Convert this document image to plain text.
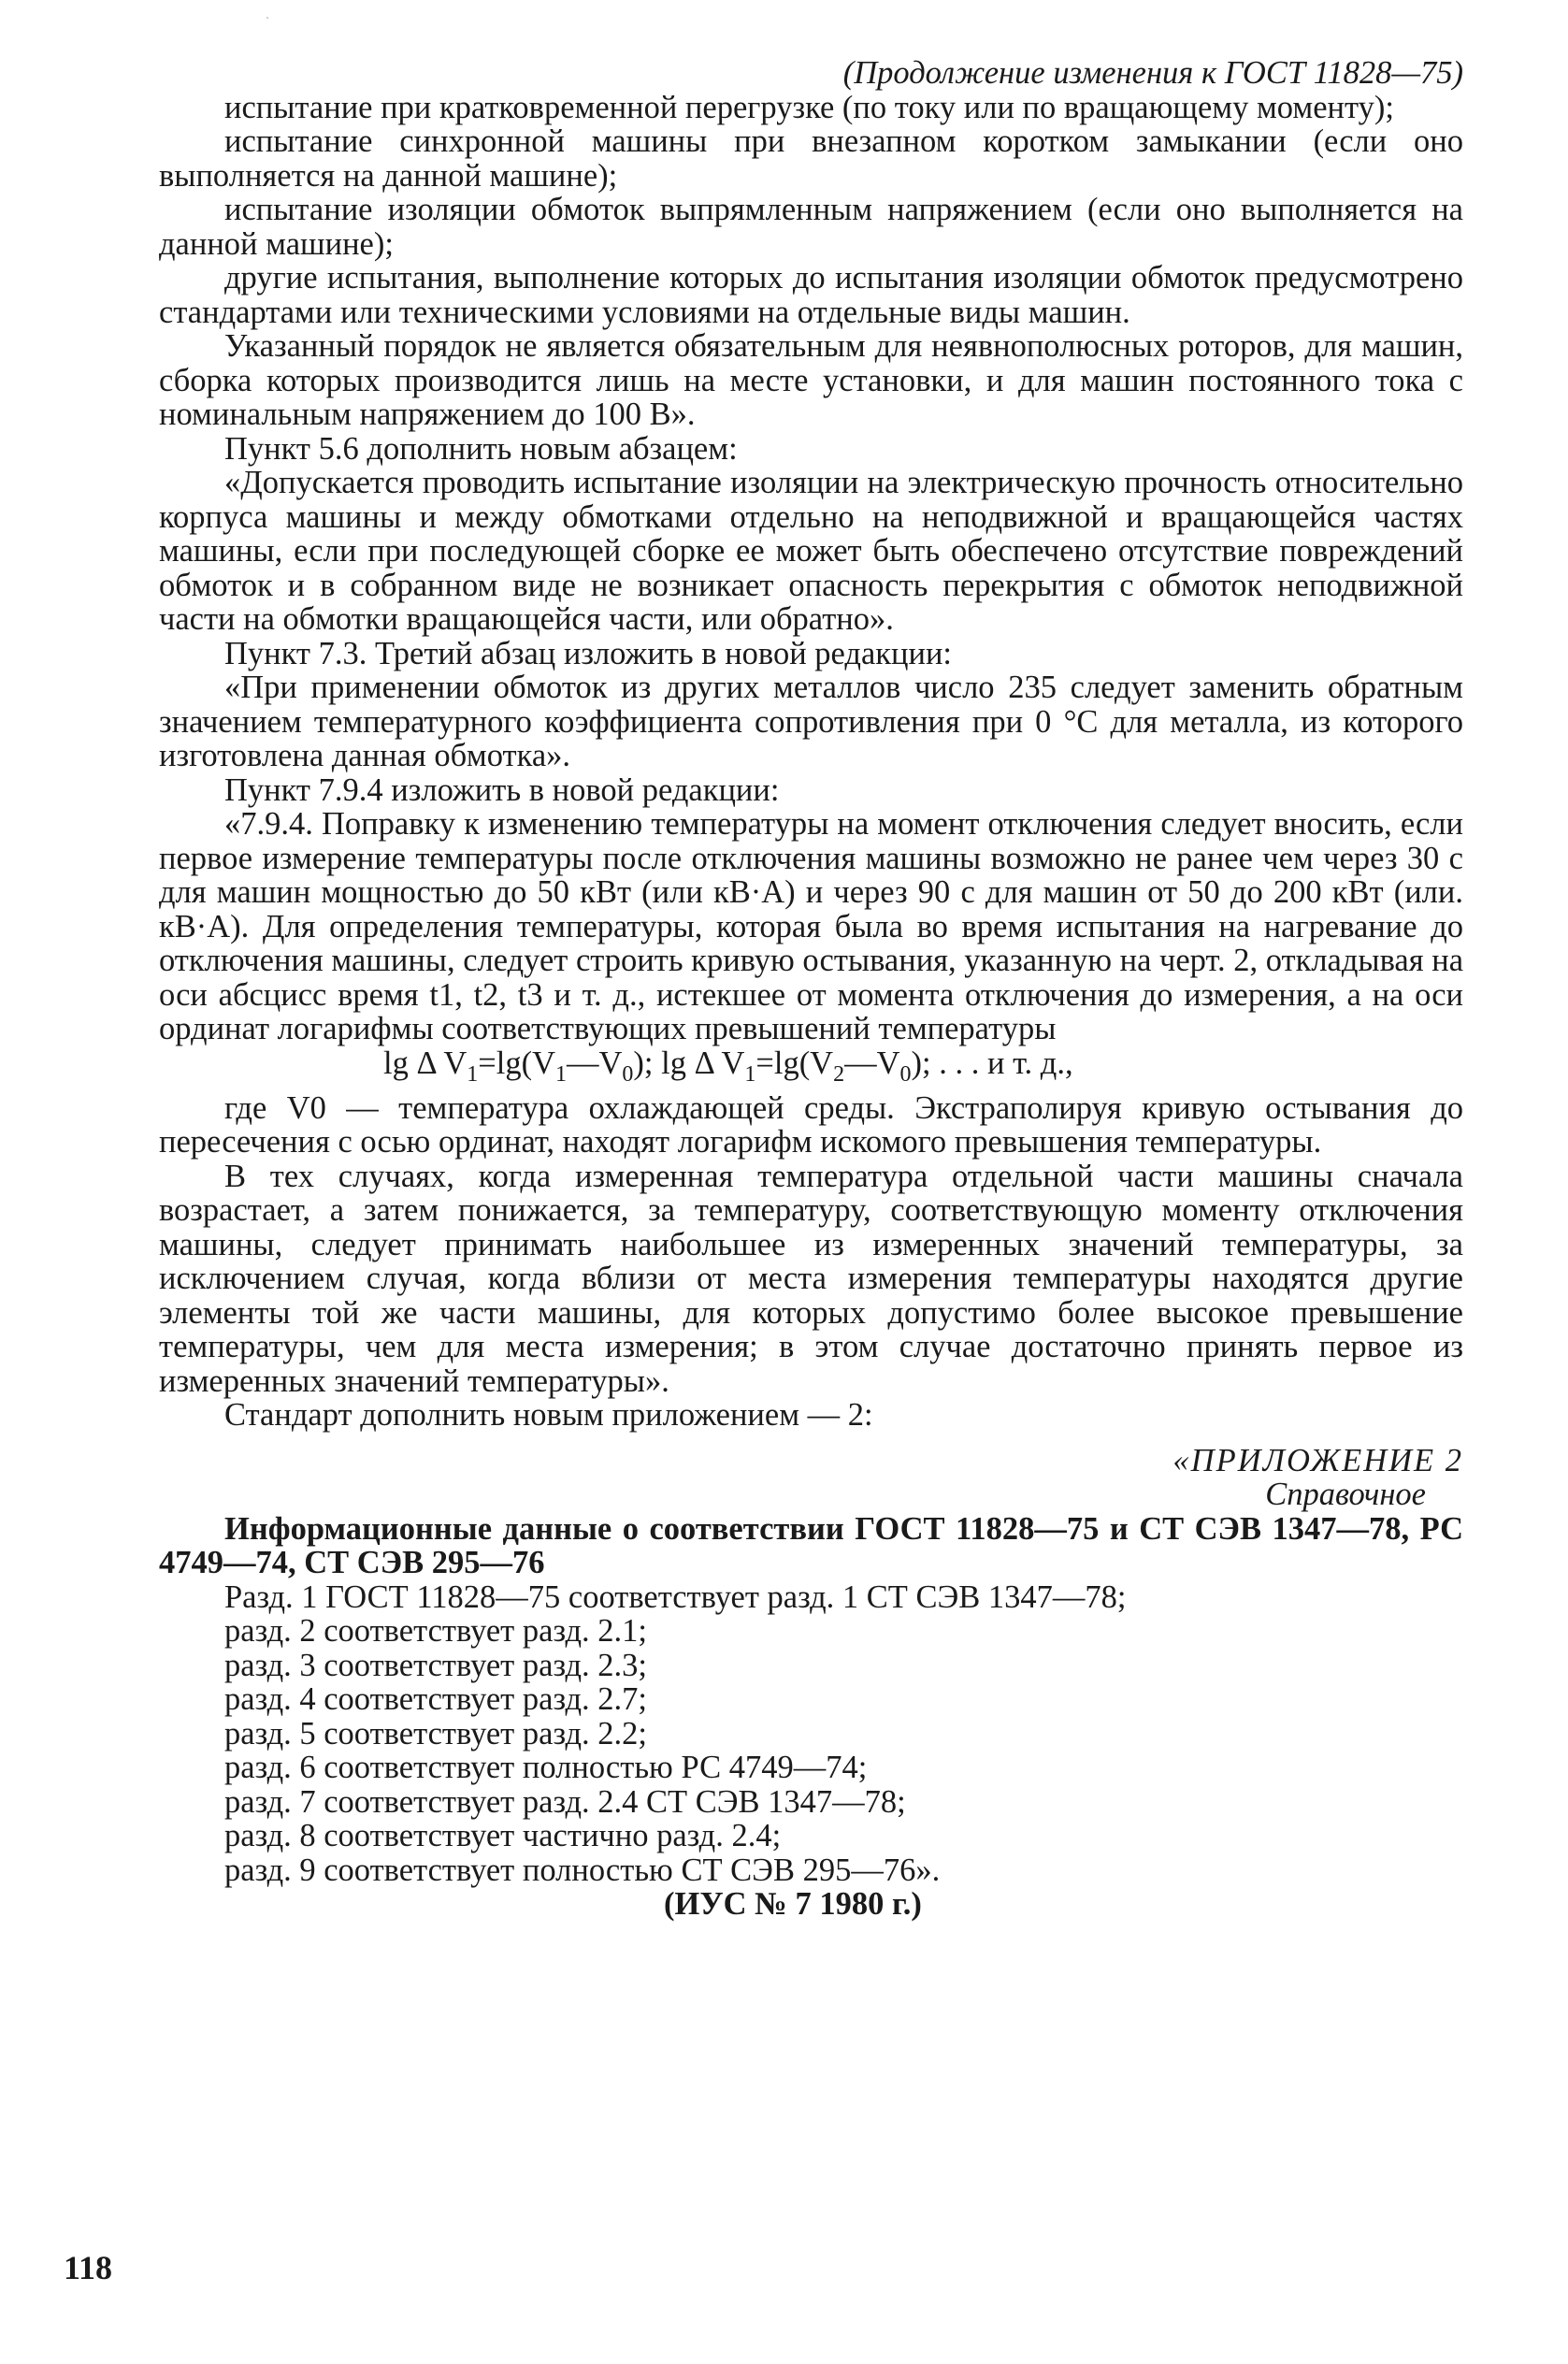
(Продолжение изменения к ГОСТ 11828—75)

испытание при кратковременной перегрузке (по току или по вращающему моменту);

испытание синхронной машины при внезапном коротком замыкании (если оно выполняется на данной машине);

испытание изоляции обмоток выпрямленным напряжением (если оно выполняется на данной машине);

другие испытания, выполнение которых до испытания изоляции обмоток предусмотрено стандартами или техническими условиями на отдельные виды машин.

Указанный порядок не является обязательным для неявнополюсных роторов, для машин, сборка которых производится лишь на месте установки, и для машин постоянного тока с номинальным напряжением до 100 В».

Пункт 5.6 дополнить новым абзацем:

«Допускается проводить испытание изоляции на электрическую прочность относительно корпуса машины и между обмотками отдельно на неподвижной и вращающейся частях машины, если при последующей сборке ее может быть обеспечено отсутствие повреждений обмоток и в собранном виде не возникает опасность перекрытия с обмоток неподвижной части на обмотки вращающейся части, или обратно».

Пункт 7.3. Третий абзац изложить в новой редакции:

«При применении обмоток из других металлов число 235 следует заменить обратным значением температурного коэффициента сопротивления при 0 °С для металла, из которого изготовлена данная обмотка».

Пункт 7.9.4 изложить в новой редакции:

«7.9.4. Поправку к изменению температуры на момент отключения следует вносить, если первое измерение температуры после отключения машины возможно не ранее чем через 30 с для машин мощностью до 50 кВт (или кВ·А) и через 90 с для машин от 50 до 200 кВт (или. кВ·А). Для определения температуры, которая была во время испытания на нагревание до отключения машины, следует строить кривую остывания, указанную на черт. 2, откладывая на оси абсцисс время t1, t2, t3 и т. д., истекшее от момента отключения до измерения, а на оси ординат логарифмы соответствующих превышений температуры

lg Δ $V_1=\lg(V_1—V_0)$; lg Δ $V_1=\lg(V_2—V_0)$; . . . и т. д.,

где V0 — температура охлаждающей среды. Экстраполируя кривую остывания до пересечения с осью ординат, находят логарифм искомого превышения температуры.

В тех случаях, когда измеренная температура отдельной части машины сначала возрастает, а затем понижается, за температуру, соответствующую моменту отключения машины, следует принимать наибольшее из измеренных значений температуры, за исключением случая, когда вблизи от места измерения температуры находятся другие элементы той же части машины, для которых допустимо более высокое превышение температуры, чем для места измерения; в этом случае достаточно принять первое из измеренных значений температуры».

Стандарт дополнить новым приложением — 2:

«ПРИЛОЖЕНИЕ 2
Справочное

Информационные данные о соответствии ГОСТ 11828—75 и СТ СЭВ 1347—78, РС 4749—74, СТ СЭВ 295—76

Разд. 1 ГОСТ 11828—75 соответствует разд. 1 СТ СЭВ 1347—78;
разд. 2 соответствует разд. 2.1;
разд. 3 соответствует разд. 2.3;
разд. 4 соответствует разд. 2.7;
разд. 5 соответствует разд. 2.2;
разд. 6 соответствует полностью РС 4749—74;
разд. 7 соответствует разд. 2.4 СТ СЭВ 1347—78;
разд. 8 соответствует частично разд. 2.4;
разд. 9 соответствует полностью СТ СЭВ 295—76».

(ИУС № 7 1980 г.)

118
